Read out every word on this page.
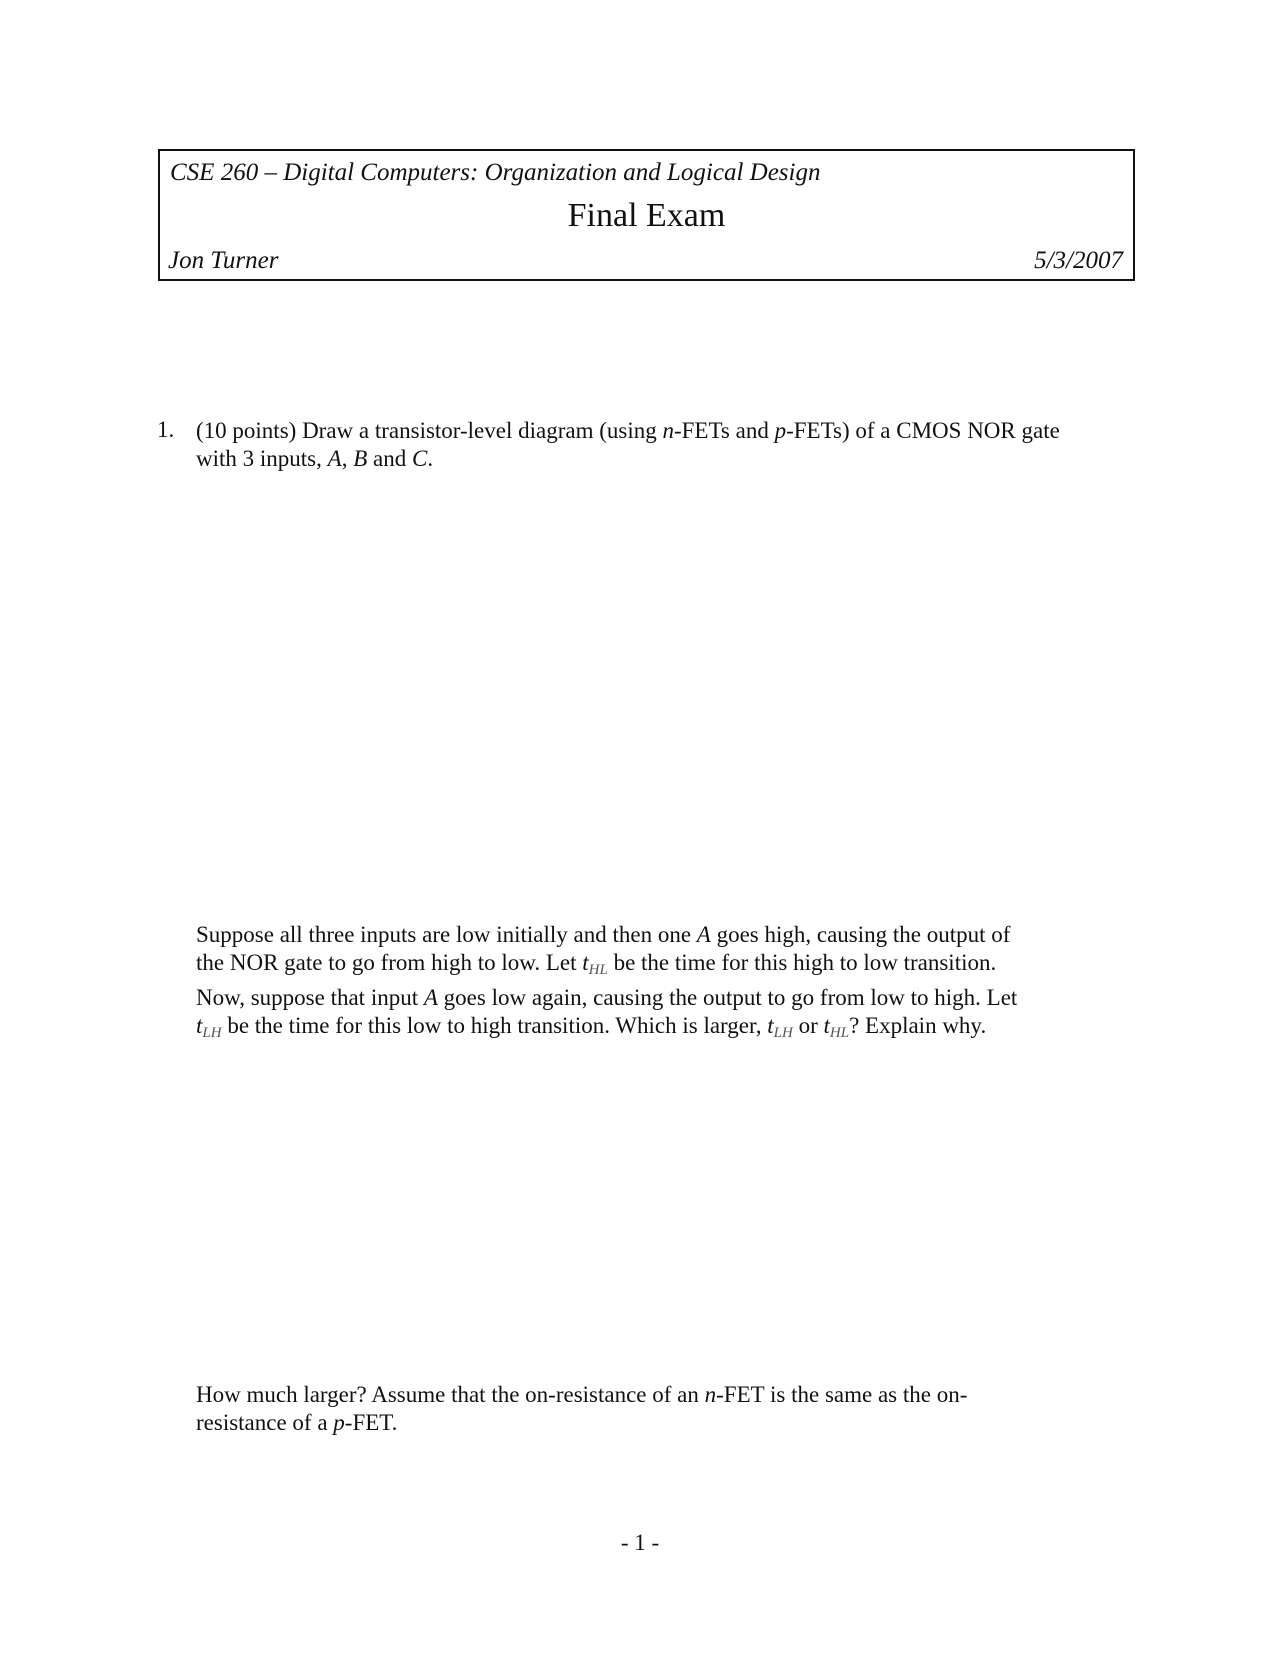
CSE 260 – Digital Computers: Organization and Logical Design
Final Exam
Jon Turner	5/3/2007
1. (10 points) Draw a transistor-level diagram (using n-FETs and p-FETs) of a CMOS NOR gate
with 3 inputs, A, B and C.
Suppose all three inputs are low initially and then one A goes high, causing the output of
the NOR gate to go from high to low. Let $t_{HL}$ be the time for this high to low transition.
Now, suppose that input A goes low again, causing the output to go from low to high. Let
$t_{LH}$ be the time for this low to high transition. Which is larger, $t_{LH}$ or $t_{HL}$? Explain why.
How much larger? Assume that the on-resistance of an n-FET is the same as the on-
resistance of a p-FET.
- 1 -
